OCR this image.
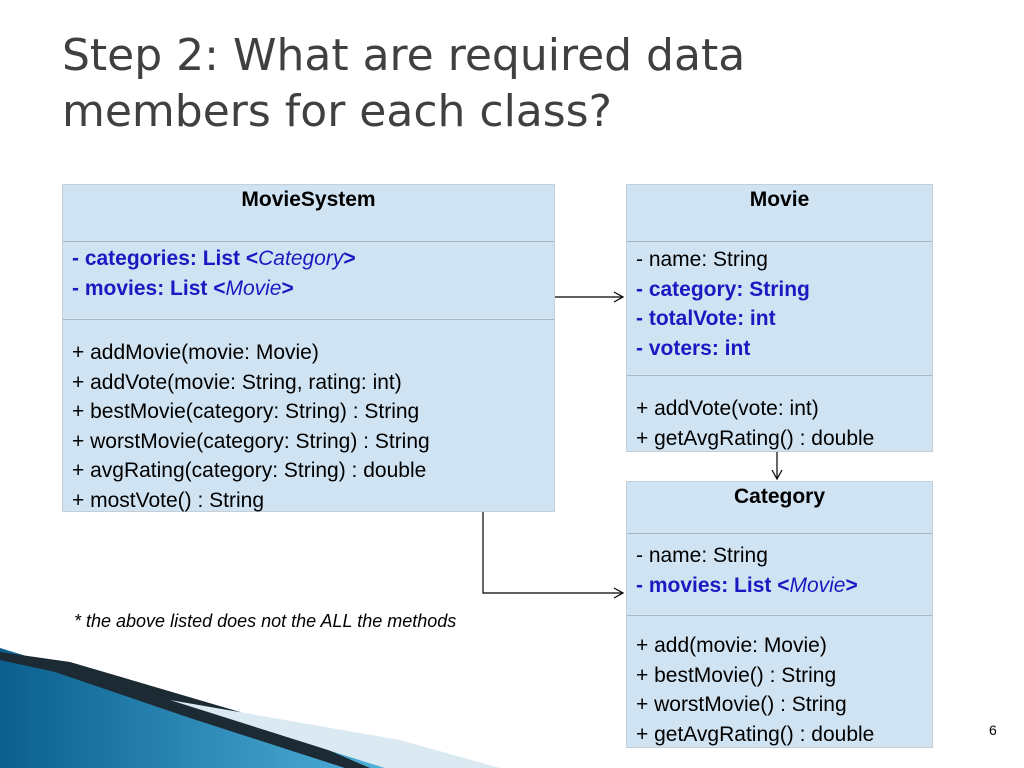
Step 2: What are required data
members for each class?
MovieSystem
- categories: List <Category>
- movies: List <Movie>
+ addMovie(movie: Movie)
+ addVote(movie: String, rating: int)
+ bestMovie(category: String) : String
+ worstMovie(category: String) : String
+ avgRating(category: String) : double
+ mostVote() : String
Movie
- name: String
- category: String
- totalVote: int
- voters: int
+ addVote(vote: int)
+ getAvgRating() : double
Category
- name: String
- movies: List <Movie>
+ add(movie: Movie)
+ bestMovie() : String
+ worstMovie() : String
+ getAvgRating() : double
* the above listed does not the ALL the methods
6
